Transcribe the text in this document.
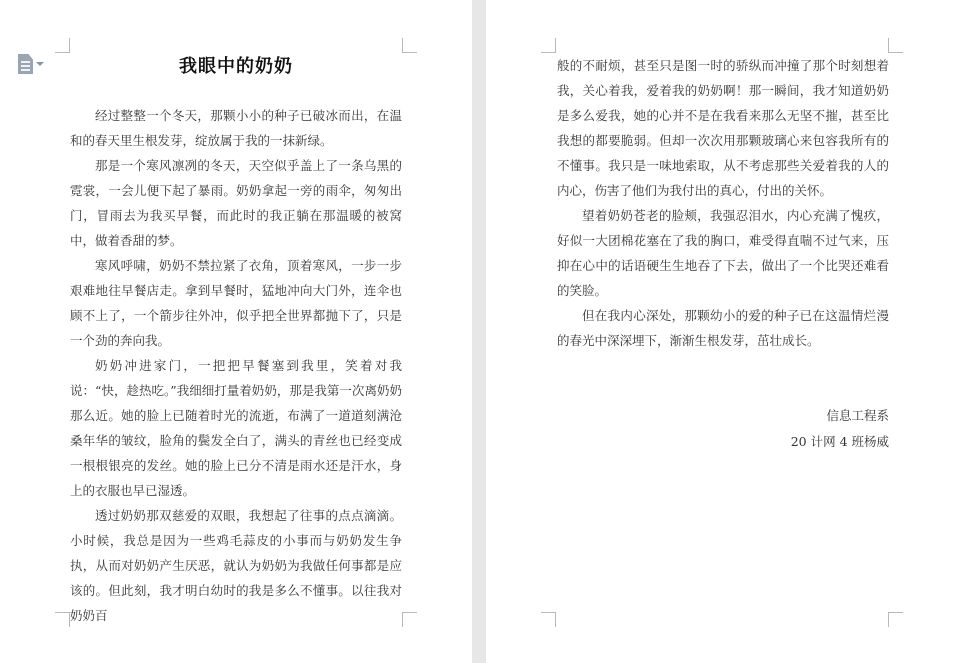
我眼中的奶奶

经过整整一个冬天，那颗小小的种子已破冰而出，在温和的春天里生根发芽，绽放属于我的一抹新绿。

那是一个寒风凛冽的冬天，天空似乎盖上了一条乌黑的霓裳，一会儿便下起了暴雨。奶奶拿起一旁的雨伞，匆匆出门，冒雨去为我买早餐，而此时的我正躺在那温暖的被窝中，做着香甜的梦。

寒风呼啸，奶奶不禁拉紧了衣角，顶着寒风，一步一步艰难地往早餐店走。拿到早餐时，猛地冲向大门外，连伞也顾不上了，一个箭步往外冲，似乎把全世界都抛下了，只是一个劲的奔向我。

奶奶冲进家门，一把把早餐塞到我里，笑着对我说：“快，趁热吃。”我细细打量着奶奶，那是我第一次离奶奶那么近。她的脸上已随着时光的流逝，布满了一道道刻满沧桑年华的皱纹，脸角的鬓发全白了，满头的青丝也已经变成一根根银亮的发丝。她的脸上已分不清是雨水还是汗水，身上的衣服也早已湿透。

透过奶奶那双慈爱的双眼，我想起了往事的点点滴滴。小时候，我总是因为一些鸡毛蒜皮的小事而与奶奶发生争执，从而对奶奶产生厌恶，就认为奶奶为我做任何事都是应该的。但此刻，我才明白幼时的我是多么不懂事。以往我对奶奶百

般的不耐烦，甚至只是图一时的骄纵而冲撞了那个时刻想着我，关心着我，爱着我的奶奶啊！那一瞬间，我才知道奶奶是多么爱我，她的心并不是在我看来那么无坚不摧，甚至比我想的都要脆弱。但却一次次用那颗玻璃心来包容我所有的不懂事。我只是一味地索取，从不考虑那些关爱着我的人的内心，伤害了他们为我付出的真心，付出的关怀。

望着奶奶苍老的脸颊，我强忍泪水，内心充满了愧疚，好似一大团棉花塞在了我的胸口，难受得直喘不过气来，压抑在心中的话语硬生生地吞了下去，做出了一个比哭还难看的笑脸。

但在我内心深处，那颗幼小的爱的种子已在这温情烂漫的春光中深深埋下，渐渐生根发芽，茁壮成长。

信息工程系
20 计网 4 班杨威
